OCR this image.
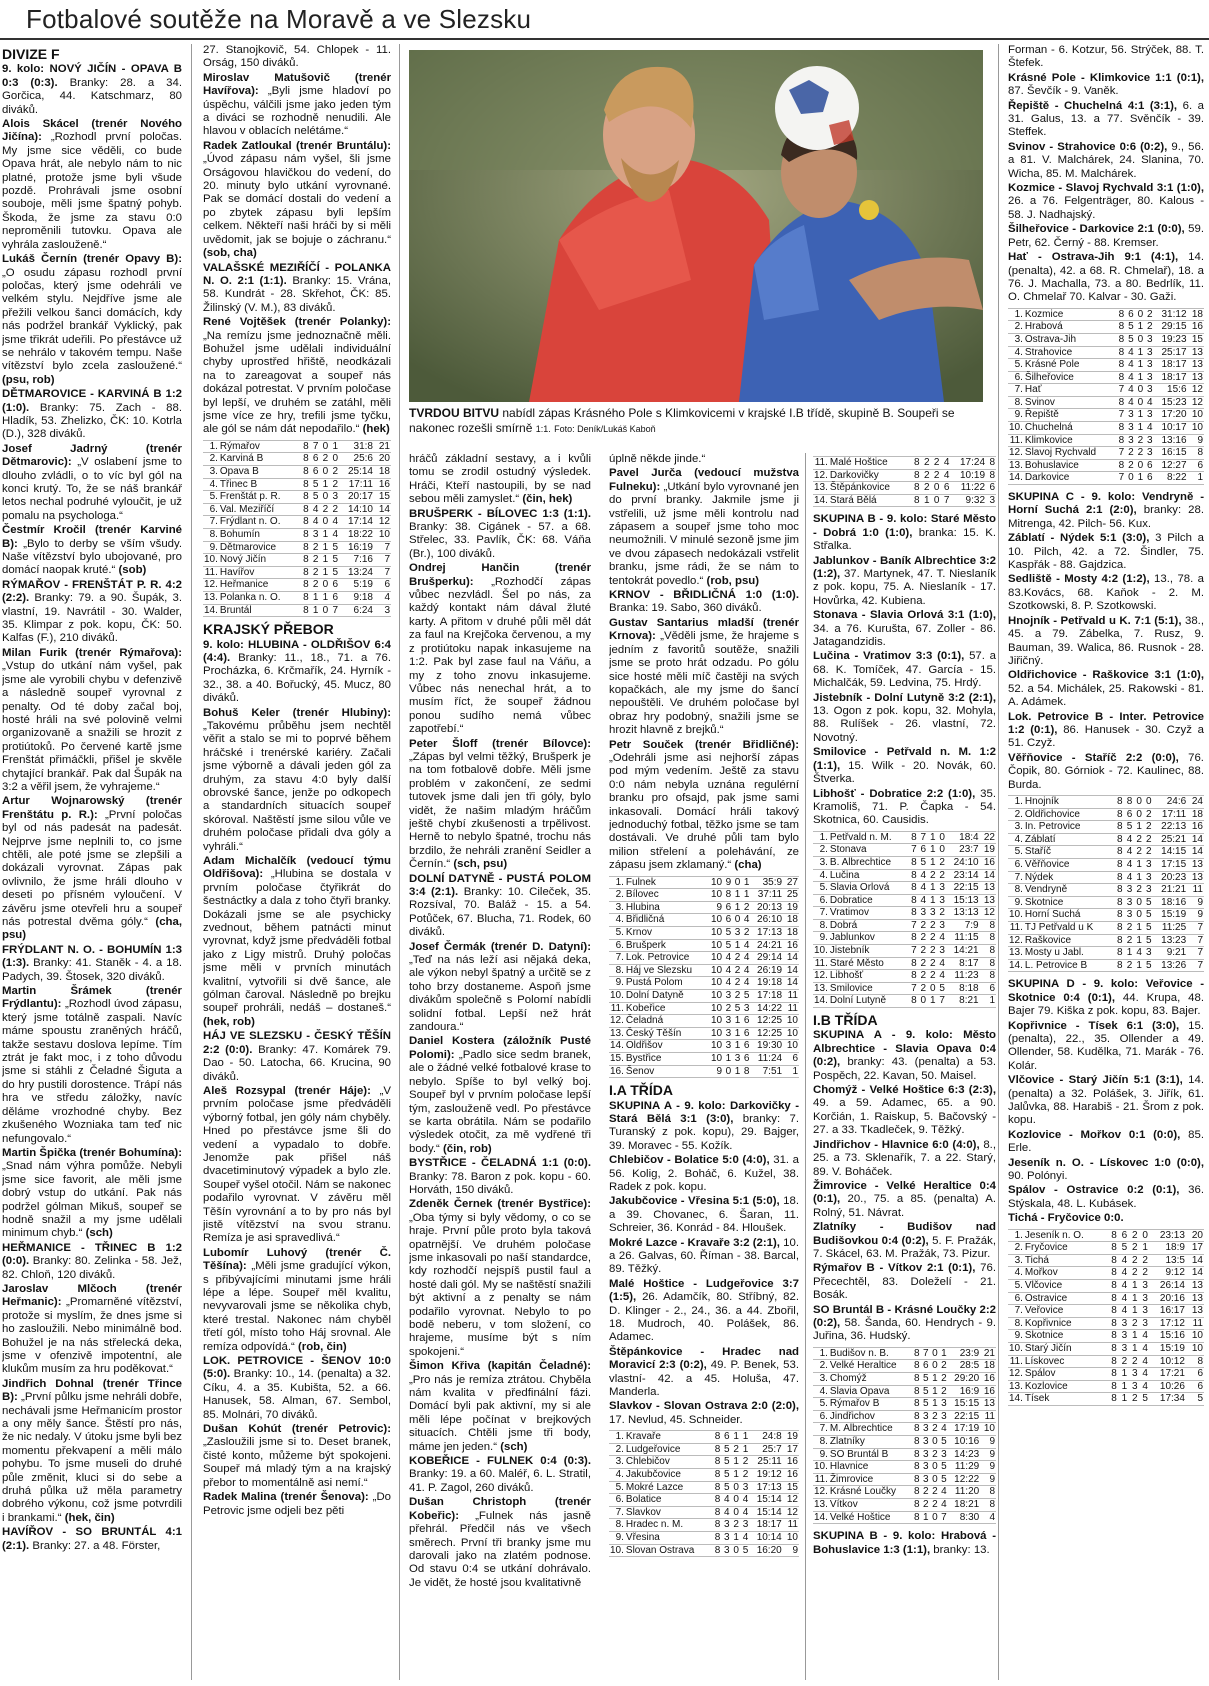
Fotbalové soutěže na Moravě a ve Slezsku
DIVIZE F

9. kolo: NOVÝ JIČÍN - OPAVA B 0:3 (0:3). Branky: 28. a 34. Gorčica, 44. Katschmarz, 80 diváků.

Alois Skácel (trenér Nového Jičína): „Rozhodl první poločas. My jsme sice věděli, co bude Opava hrát, ale nebylo nám to nic platné, protože jsme byli všude pozdě. Prohrávali jsme osobní souboje, měli jsme špatný pohyb. Škoda, že jsme za stavu 0:0 neproměnili tutovku. Opava ale vyhrála zaslouženě.“

Lukáš Černín (trenér Opavy B): „O osudu zápasu rozhodl první poločas, který jsme odehráli ve velkém stylu. Nejdříve jsme ale přežili velkou šanci domácích, kdy nás podržel brankář Vyklický, pak jsme třikrát udeřili. Po přestávce už se nehrálo v takovém tempu. Naše vítězství bylo zcela zasloužené.“ (psu, rob)

DĚTMAROVICE - KARVINÁ B 1:2 (1:0). Branky: 75. Zach - 88. Hladík, 53. Zhelizko, ČK: 10. Kotrla (D.), 328 diváků.

Josef Jadrný (trenér Dětmarovic): „V oslabení jsme to dlouho zvládli, o to víc byl gól na konci krutý. To, že se náš brankář letos nechal podruhé vyloučit, je už pomalu na psychologa.“

Čestmír Kročil (trenér Karviné B): „Bylo to derby se vším všudy. Naše vítězství bylo ubojované, pro domácí naopak kruté.“ (sob)

RÝMAŘOV - FRENŠTÁT P. R. 4:2 (2:2). Branky: 79. a 90. Šupák, 3. vlastní, 19. Navrátil - 30. Walder, 35. Klimpar z pok. kopu, ČK: 50. Kalfas (F.), 210 diváků.

Milan Furik (trenér Rýmařova): „Vstup do utkání nám vyšel, pak jsme ale vyrobili chybu v defenzivě a následně soupeř vyrovnal z penalty. Od té doby začal boj, hosté hráli na své polovině velmi organizovaně a snažili se hrozit z protiútoků. Po červené kartě jsme Frenštát přimáčkli, přišel je skvěle chytající brankář. Pak dal Šupák na 3:2 a věřil jsem, že vyhrajeme.“

Artur Wojnarowský (trenér Frenštátu p. R.): „První poločas byl od nás padesát na padesát. Nejprve jsme neplnili to, co jsme chtěli, ale poté jsme se zlepšili a dokázali vyrovnat. Zápas pak ovlivnilo, že jsme hráli dlouho v deseti po přísném vyloučení. V závěru jsme otevřeli hru a soupeř nás potrestal dvěma góly.“ (cha, psu)

FRÝDLANT N. O. - BOHUMÍN 1:3 (1:3). Branky: 41. Staněk - 4. a 18. Padych, 39. Štosek, 320 diváků.

Martin Šrámek (trenér Frýdlantu): „Rozhodl úvod zápasu, který jsme totálně zaspali. Navíc máme spoustu zraněných hráčů, takže sestavu doslova lepíme. Tím ztrát je fakt moc, i z toho důvodu jsme si stáhli z Čeladné Šiguta a do hry pustili dorostence. Trápí nás hra ve středu záložky, navíc děláme vrozhodné chyby. Bez zkušeného Wozniaka tam teď nic nefungovalo.“

Martin Špička (trenér Bohumína): „Snad nám výhra pomůže. Nebyli jsme sice favorit, ale měli jsme dobrý vstup do utkání. Pak nás podržel gólman Mikuš, soupeř se hodně snažil a my jsme udělali minimum chyb.“ (sch)

HEŘMANICE - TŘINEC B 1:2 (0:0). Branky: 80. Zelinka - 58. Jež, 82. Chloň, 120 diváků.

Jaroslav Mlčoch (trenér Heřmanic): „Promarněné vítězství, protože si myslím, že dnes jsme si ho zasloužili. Nebo minimálně bod. Bohužel je na nás střelecká deka, jsme v ofenzivě impotentní, ale klukům musím za hru poděkovat.“

Jindřich Dohnal (trenér Třince B): „První půlku jsme nehráli dobře, nechávali jsme Heřmanicím prostor a ony měly šance. Štěstí pro nás, že nic nedaly. V útoku jsme byli bez momentu překvapení a měli málo pohybu. To jsme museli do druhé půle změnit, kluci si do sebe a druhá půlka už měla parametry dobrého výkonu, což jsme potvrdili i brankami.“ (hek, čin)

HAVÍŘOV - SO BRUNTÁL 4:1 (2:1). Branky: 27. a 48. Förster,

27. Stanojkovič, 54. Chlopek - 11. Orság, 150 diváků.

Miroslav Matušovič (trenér Havířova): „Byli jsme hladoví po úspěchu, válčili jsme jako jeden tým a diváci se rozhodně nenudili. Ale hlavou v oblacích nelétáme.“

Radek Zatloukal (trenér Bruntálu): „Úvod zápasu nám vyšel, šli jsme Orságovou hlavičkou do vedení, do 20. minuty bylo utkání vyrovnané. Pak se domácí dostali do vedení a po zbytek zápasu byli lepším celkem. Někteří naši hráči by si měli uvědomit, jak se bojuje o záchranu.“ (sob, cha)

VALAŠSKÉ MEZIŘÍČÍ - POLANKA N. O. 2:1 (1:1). Branky: 15. Vrána, 58. Kundrát - 28. Skřehot, ČK: 85. Žilinský (V. M.), 83 diváků.

René Vojtěšek (trenér Polanky): „Na remízu jsme jednoznačně měli. Bohužel jsme udělali individuální chyby uprostřed hřiště, neodkázali na to zareagovat a soupeř nás dokázal potrestat. V prvním poločase byl lepší, ve druhém se zatáhl, měli jsme více ze hry, trefili jsme tyčku, ale gól se nám dát nepodařilo.“ (hek)

1.	Rýmařov	8	7	0	1	31:8	21
2.	Karviná B	8	6	2	0	25:6	20
3.	Opava B	8	6	0	2	25:14	18
4.	Třinec B	8	5	1	2	17:11	16
5.	Frenštát p. R.	8	5	0	3	20:17	15
6.	Val. Meziříčí	8	4	2	2	14:10	14
7.	Frýdlant n. O.	8	4	0	4	17:14	12
8.	Bohumín	8	3	1	4	18:22	10
9.	Dětmarovice	8	2	1	5	16:19	7
10.	Nový Jičín	8	2	1	5	7:16	7
11.	Havířov	8	2	1	5	13:24	7
12.	Heřmanice	8	2	0	6	5:19	6
13.	Polanka n. O.	8	1	1	6	9:18	4
14.	Bruntál	8	1	0	7	6:24	3
KRAJSKÝ PŘEBOR

9. kolo: HLUBINA - OLDŘIŠOV 6:4 (4:4). Branky: 11., 18., 71. a 76. Procházka, 6. Krčmařík, 24. Hyrník - 32., 38. a 40. Bořucký, 45. Mucz, 80 diváků.

Bohuš Keler (trenér Hlubiny): „Takovému průběhu jsem nechtěl věřit a stalo se mi to poprvé během hráčské i trenérské kariéry. Začali jsme výborně a dávali jeden gól za druhým, za stavu 4:0 byly další obrovské šance, jenže po odkopech a standardních situacích soupeř skóroval. Naštěstí jsme silou vůle ve druhém poločase přidali dva góly a vyhráli.“

Adam Michalčík (vedoucí týmu Oldřišova): „Hlubina se dostala v prvním poločase čtyřikrát do šestnáctky a dala z toho čtyři branky. Dokázali jsme se ale psychicky zvednout, během patnácti minut vyrovnat, když jsme předváděli fotbal jako z Ligy mistrů. Druhý poločas jsme měli v prvních minutách kvalitní, vytvořili si dvě šance, ale gólman čaroval. Následně po brejku soupeř prohráli, nedáš – dostaneš.“ (hek, rob)

HÁJ VE SLEZSKU - ČESKÝ TĚŠÍN 2:2 (0:0). Branky: 47. Komárek 79. Dao - 50. Latocha, 66. Krucina, 90 diváků.

Aleš Rozsypal (trenér Háje): „V prvním poločase jsme předváděli výborný fotbal, jen góly nám chyběly. Hned po přestávce jsme šli do vedení a vypadalo to dobře. Jenomže pak přišel náš dvacetiminutový výpadek a bylo zle. Soupeř vyšel otočil. Nám se nakonec podařilo vyrovnat. V závěru měl Těšín vyrovnání a to by pro nás byl jistě vítězství na svou stranu. Remíza je asi spravedlivá.“

Lubomír Luhový (trenér Č. Těšína): „Měli jsme gradující výkon, s přibývajícími minutami jsme hráli lépe a lépe. Soupeř měl kvalitu, nevyvarovali jsme se několika chyb, které trestal. Nakonec nám chyběl třetí gól, místo toho Háj srovnal. Ale remíza odpovídá.“ (rob, čin)

LOK. PETROVICE - ŠENOV 10:0 (5:0). Branky: 10., 14. (penalta) a 32. Cíku, 4. a 35. Kubišta, 52. a 66. Hanusek, 58. Alman, 67. Sembol, 85. Molnári, 70 diváků.

Dušan Kohút (trenér Petrovic): „Zasloužili jsme si to. Deset branek, čisté konto, můžeme být spokojeni. Soupeř má mladý tým a na krajský přebor to momentálně asi nemí.“

Radek Malina (trenér Šenova): „Do Petrovic jsme odjeli bez pěti

TVRDOU BITVU nabídl zápas Krásného Pole s Klimkovicemi v krajské I.B třídě, skupině B. Soupeři se nakonec rozešli smírně 1:1. Foto: Deník/Lukáš Kaboň

hráčů základní sestavy, a i kvůli tomu se zrodil ostudný výsledek. Hráči, Kteří nastoupili, by se nad sebou měli zamyslet.“ (čin, hek)

BRUŠPERK - BÍLOVEC 1:3 (1:1). Branky: 38. Cigánek - 57. a 68. Střelec, 33. Pavlík, ČK: 68. Váňa (Br.), 100 diváků.

Ondrej Hančin (trenér Brušperku): „Rozhodčí zápas vůbec nezvládl. Šel po nás, za každý kontakt nám dával žluté karty. A přitom v druhé půli měl dát za faul na Krejčoka červenou, a my z protiútoku napak inkasujeme na 1:2. Pak byl zase faul na Váňu, a my z toho znovu inkasujeme. Vůbec nás nenechal hrát, a to musím říct, že soupeř žádnou ponou sudího nemá vůbec zapotřebí.“

Peter Šloff (trenér Bílovce): „Zápas byl velmi těžký, Brušperk je na tom fotbalově dobře. Měli jsme problém v zakončení, ze sedmi tutovek jsme dali jen tři góly, bylo vidět, že našim mladým hráčům ještě chybí zkušenosti a trpělivost. Herně to nebylo špatné, trochu nás brzdilo, že nehráli zranění Seidler a Černín.“ (sch, psu)

DOLNÍ DATYNĚ - PUSTÁ POLOM 3:4 (2:1). Branky: 10. Cileček, 35. Rozsíval, 70. Baláž - 15. a 54. Potůček, 67. Blucha, 71. Rodek, 60 diváků.

Josef Čermák (trenér D. Datyní): „Teď na nás leží asi nějaká deka, ale výkon nebyl špatný a určitě se z toho brzy dostaneme. Aspoň jsme divákům společně s Polomí nabídli solidní fotbal. Lepší než hrát zandoura.“

Daniel Kostera (záložník Pusté Polomi): „Padlo sice sedm branek, ale o žádné velké fotbalové krase to nebylo. Spíše to byl velký boj. Soupeř byl v prvním poločase lepší tým, zaslouženě vedl. Po přestávce se karta obrátila. Nám se podařilo výsledek otočit, za mě vydřené tři body.“ (čin, rob)

BYSTŘICE - ČELADNÁ 1:1 (0:0). Branky: 78. Baron z pok. kopu - 60. Horváth, 150 diváků.

Zdeněk Černek (trenér Bystřice): „Oba týmy si byly vědomy, o co se hraje. První půle proto byla taková opatrnější. Ve druhém poločase jsme inkasovali po naší standardce, kdy rozhodčí nejspíš pustil faul a hosté dali gól. My se naštěstí snažili být aktivní a z penalty se nám podařilo vyrovnat. Nebylo to po bodě neberu, v tom složení, co hrajeme, musíme být s ním spokojeni.“

Šimon Křiva (kapitán Čeladné): „Pro nás je remíza ztrátou. Chyběla nám kvalita v předfinální fázi. Domácí byli pak aktivní, my si ale měli lépe počínat v brejkových situacích. Chtěli jsme tři body, máme jen jeden.“ (sch)

KOBEŘICE - FULNEK 0:4 (0:3). Branky: 19. a 60. Maléř, 6. L. Stratil, 41. P. Zagol, 260 diváků.

Dušan Christoph (trenér Kobeřic): „Fulnek nás jasně přehrál. Předčil nás ve všech směrech. První tři branky jsme mu darovali jako na zlatém podnose. Od stavu 0:4 se utkání dohrávalo. Je vidět, že hosté jsou kvalitativně

úplně někde jinde.“

Pavel Jurča (vedoucí mužstva Fulneku): „Utkání bylo vyrovnané jen do první branky. Jakmile jsme ji vstřelili, už jsme měli kontrolu nad zápasem a soupeř jsme toho moc neumožnili. V minulé sezoně jsme jim ve dvou zápasech nedokázali vstřelit branku, jsme rádi, že se nám to tentokrát povedlo.“ (rob, psu)

KRNOV - BŘIDLIČNÁ 1:0 (1:0). Branka: 19. Sabo, 360 diváků.

Gustav Santarius mladší (trenér Krnova): „Věděli jsme, že hrajeme s jedním z favoritů soutěže, snažili jsme se proto hrát odzadu. Po gólu sice hosté měli míč častěji na svých kopačkách, ale my jsme do šancí nepouštěli. Ve druhém poločase byl obraz hry podobný, snažili jsme se hrozit hlavně z brejků.“

Petr Souček (trenér Břidličné): „Odehráli jsme asi nejhorší zápas pod mým vedením. Ještě za stavu 0:0 nám nebyla uznána regulérní branku pro ofsajd, pak jsme sami inkasovali. Domácí hráli takový jednoduchý fotbal, těžko jsme se tam dostávali. Ve druhé půli tam bylo milion střelení a polehávání, ze zápasu jsem zklamaný.“ (cha)

1.	Fulnek	10	9	0	1	35:9	27
2.	Bílovec	10	8	1	1	37:11	25
3.	Hlubina	9	6	1	2	20:13	19
4.	Břidličná	10	6	0	4	26:10	18
5.	Krnov	10	5	3	2	17:13	18
6.	Brušperk	10	5	1	4	24:21	16
7.	Lok. Petrovice	10	4	2	4	29:14	14
8.	Háj ve Slezsku	10	4	2	4	26:19	14
9.	Pustá Polom	10	4	2	4	19:18	14
10.	Dolní Datyně	10	3	2	5	17:18	11
11.	Kobeřice	10	2	5	3	14:22	11
12.	Čeladná	10	3	1	6	12:25	10
13.	Český Těšín	10	3	1	6	12:25	10
14.	Oldřišov	10	3	1	6	19:30	10
15.	Bystřice	10	1	3	6	11:24	6
16.	Šenov	9	0	1	8	7:51	1
I.A TŘÍDA

SKUPINA A - 9. kolo: Darkovičky - Stará Bělá 3:1 (3:0), branky: 7. Turanský z pok. kopu), 29. Bajger, 39. Moravec - 55. Kožík.

Chlebičov - Bolatice 5:0 (4:0), 31. a 56. Kolig, 2. Boháč, 6. Kužel, 38. Radek z pok. kopu.

Jakubčovice - Vřesina 5:1 (5:0), 18. a 39. Chovanec, 6. Šaran, 11. Schreier, 36. Konrád - 84. Hloušek.

Mokré Lazce - Kravaře 3:2 (2:1), 10. a 26. Galvas, 60. Říman - 38. Barcal, 89. Těžký.

Malé Hoštice - Ludgeřovice 3:7 (1:5), 26. Adamčík, 80. Stříbný, 82. D. Klinger - 2., 24., 36. a 44. Zbořil, 18. Mudroch, 40. Polášek, 86. Adamec.

Štěpánkovice - Hradec nad Moravicí 2:3 (0:2), 49. P. Benek, 53. vlastní- 42. a 45. Holuša, 47. Manderla.

Slavkov - Slovan Ostrava 2:0 (2:0), 17. Nevlud, 45. Schneider.

1.	Kravaře	8	6	1	1	24:8	19
2.	Ludgeřovice	8	5	2	1	25:7	17
3.	Chlebičov	8	5	1	2	25:11	16
4.	Jakubčovice	8	5	1	2	19:12	16
5.	Mokré Lazce	8	5	0	3	17:13	15
6.	Bolatice	8	4	0	4	15:14	12
7.	Slavkov	8	4	0	4	15:14	12
8.	Hradec n. M.	8	3	2	3	18:17	11
9.	Vřesina	8	3	1	4	10:14	10
10.	Slovan Ostrava	8	3	0	5	16:20	9
11.	Malé Hoštice	8	2	2	4	17:24	8
12.	Darkovičky	8	2	2	4	10:19	8
13.	Štěpánkovice	8	2	0	6	11:22	6
14.	Stará Bělá	8	1	0	7	9:32	3

SKUPINA B - 9. kolo: Staré Město - Dobrá 1:0 (1:0), branka: 15. K. Střalka.

Jablunkov - Baník Albrechtice 3:2 (1:2), 37. Martynek, 47. T. Nieslaník z pok. kopu, 75. A. Nieslaník - 17. Hovůrka, 42. Kubiena.

Stonava - Slavia Orlová 3:1 (1:0), 34. a 76. Kurušta, 67. Zoller - 86. Jatagandzidis.

Lučina - Vratimov 3:3 (0:1), 57. a 68. K. Tomíček, 47. García - 15. Michalčák, 59. Ledvina, 75. Hrdý.

Jistebník - Dolní Lutyně 3:2 (2:1), 13. Ogon z pok. kopu, 32. Mohyla, 88. Rulíšek - 26. vlastní, 72. Novotný.

Smilovice - Petřvald n. M. 1:2 (1:1), 15. Wilk - 20. Novák, 60. Štverka.

Libhošť - Dobratice 2:2 (1:0), 35. Kramoliš, 71. P. Čapka - 54. Skotnica, 60. Causidis.

1.	Petřvald n. M.	8	7	1	0	18:4	22
2.	Stonava	7	6	1	0	23:7	19
3.	B. Albrechtice	8	5	1	2	24:10	16
4.	Lučina	8	4	2	2	23:14	14
5.	Slavia Orlová	8	4	1	3	22:15	13
6.	Dobratice	8	4	1	3	15:13	13
7.	Vratimov	8	3	3	2	13:13	12
8.	Dobrá	7	2	2	3	7:9	8
9.	Jablunkov	8	2	2	4	11:15	8
10.	Jistebník	7	2	2	3	14:21	8
11.	Staré Město	8	2	2	4	8:17	8
12.	Libhošť	8	2	2	4	11:23	8
13.	Smilovice	7	2	0	5	8:18	6
14.	Dolní Lutyně	8	0	1	7	8:21	1
I.B TŘÍDA

SKUPINA A - 9. kolo: Město Albrechtice - Slavia Opava 0:4 (0:2), branky: 43. (penalta) a 53. Pospěch, 22. Kavan, 50. Maisel.

Chomýž - Velké Hoštice 6:3 (2:3), 49. a 59. Adamec, 65. a 90. Korčián, 1. Raiskup, 5. Bačovský - 27. a 33. Tkadleček, 9. Těžký.

Jindřichov - Hlavnice 6:0 (4:0), 8., 25. a 73. Sklenařík, 7. a 22. Starý, 89. V. Boháček.

Žimrovice - Velké Heraltice 0:4 (0:1), 20., 75. a 85. (penalta) A. Rolný, 51. Návrat.

Zlatníky - Budišov nad Budišovkou 0:4 (0:2), 5. F. Pražák, 7. Skácel, 63. M. Pražák, 73. Pizur.

Rýmařov B - Vítkov 2:1 (0:1), 76. Přecechtěl, 83. Doleželí - 21. Bosák.

SO Bruntál B - Krásné Loučky 2:2 (0:2), 58. Šanda, 60. Hendrych - 9. Juřina, 36. Hudský.

1.	Budišov n. B.	8	7	0	1	23:9	21
2.	Velké Heraltice	8	6	0	2	28:5	18
3.	Chomýž	8	5	1	2	29:20	16
4.	Slavia Opava	8	5	1	2	16:9	16
5.	Rýmařov B	8	5	1	3	15:15	13
6.	Jindřichov	8	3	2	3	22:15	11
7.	M. Albrechtice	8	3	2	4	17:19	10
8.	Zlatníky	8	3	0	5	10:16	9
9.	SO Bruntál B	8	3	2	3	14:23	9
10.	Hlavnice	8	3	0	5	11:29	9
11.	Žimrovice	8	3	0	5	12:22	9
12.	Krásné Loučky	8	2	2	4	11:20	8
13.	Vítkov	8	2	2	4	18:21	8
14.	Velké Hoštice	8	1	0	7	8:30	4

SKUPINA B - 9. kolo: Hrabová - Bohuslavice 1:3 (1:1), branky: 13.

Forman - 6. Kotzur, 56. Strýček, 88. T. Štefek.

Krásné Pole - Klimkovice 1:1 (0:1), 87. Ševčík - 9. Vaněk.

Řepiště - Chuchelná 4:1 (3:1), 6. a 31. Galus, 13. a 77. Svěnčík - 39. Steffek.

Svinov - Strahovice 0:6 (0:2), 9., 56. a 81. V. Malchárek, 24. Slanina, 70. Wicha, 85. M. Malchárek.

Kozmice - Slavoj Rychvald 3:1 (1:0), 26. a 76. Felgenträger, 80. Kalous - 58. J. Nadhajský.

Šilheřovice - Darkovice 2:1 (0:0), 59. Petr, 62. Černý - 88. Kremser.

Hať - Ostrava-Jih 9:1 (4:1), 14. (penalta), 42. a 68. R. Chmelař), 18. a 76. J. Machalla, 73. a 80. Bedrlík, 11. O. Chmelař 70. Kalvar - 30. Gaži.

1.	Kozmice	8	6	0	2	31:12	18
2.	Hrabová	8	5	1	2	29:15	16
3.	Ostrava-Jih	8	5	0	3	19:23	15
4.	Strahovice	8	4	1	3	25:17	13
5.	Krásné Pole	8	4	1	3	18:17	13
6.	Šilheřovice	8	4	1	3	18:17	13
7.	Hať	7	4	0	3	15:6	12
8.	Svinov	8	4	0	4	15:23	12
9.	Řepiště	7	3	1	3	17:20	10
10.	Chuchelná	8	3	1	4	10:17	10
11.	Klimkovice	8	3	2	3	13:16	9
12.	Slavoj Rychvald	7	2	2	3	16:15	8
13.	Bohuslavice	8	2	0	6	12:27	6
14.	Darkovice	7	0	1	6	8:22	1

SKUPINA C - 9. kolo: Vendryně - Horní Suchá 2:1 (2:0), branky: 28. Mitrenga, 42. Pilch- 56. Kux.

Záblatí - Nýdek 5:1 (3:0), 3 Pilch a 10. Pilch, 42. a 72. Šindler, 75. Kaspřák - 88. Gajdzica.

Sedliště - Mosty 4:2 (1:2), 13., 78. a 83.Kovács, 68. Kaňok - 2. M. Szotkowski, 8. P. Szotkowski.

Hnojník - Petřvald u K. 7:1 (5:1), 38., 45. a 79. Zábelka, 7. Rusz, 9. Bauman, 39. Walica, 86. Rusnok - 28. Jiřičný.

Oldřichovice - Raškovice 3:1 (1:0), 52. a 54. Michálek, 25. Rakowski - 81. A. Adámek.

Lok. Petrovice B - Inter. Petrovice 1:2 (0:1), 86. Hanusek - 30. Czyž a 51. Czyž.

Věřňovice - Staříč 2:2 (0:0), 76. Čopik, 80. Górniok - 72. Kaulinec, 88. Burda.

1.	Hnojník	8	8	0	0	24:6	24
2.	Oldřichovice	8	6	0	2	17:11	18
3.	In. Petrovice	8	5	1	2	22:13	16
4.	Záblatí	8	4	2	2	25:21	14
5.	Staříč	8	4	2	2	14:15	14
6.	Věřňovice	8	4	1	3	17:15	13
7.	Nýdek	8	4	1	3	20:23	13
8.	Vendryně	8	3	2	3	21:21	11
9.	Skotnice	8	3	0	5	18:16	9
10.	Horní Suchá	8	3	0	5	15:19	9
11.	TJ Petřvald u K	8	2	1	5	11:25	7
12.	Raškovice	8	2	1	5	13:23	7
13.	Mosty u Jabl.	8	1	4	3	9:21	7
14.	L. Petrovice B	8	2	1	5	13:26	7

SKUPINA D - 9. kolo: Veřovice - Skotnice 0:4 (0:1), 44. Krupa, 48. Bajer 79. Kiška z pok. kopu, 83. Bajer.

Kopřivnice - Tísek 6:1 (3:0), 15. (penalta), 22., 35. Ollender a 49. Ollender, 58. Kudělka, 71. Marák - 76. Kolár.

Vlčovice - Starý Jičín 5:1 (3:1), 14. (penalta) a 32. Polášek, 3. Jiřík, 61. Jalůvka, 88. Harabiš - 21. Šrom z pok. kopu.

Kozlovice - Mořkov 0:1 (0:0), 85. Erle.

Jeseník n. O. - Lískovec 1:0 (0:0), 90. Polónyi.

Spálov - Ostravice 0:2 (0:1), 36. Stýskala, 48. L. Kubásek.

Tichá - Fryčovice 0:0.

1.	Jeseník n. O.	8	6	2	0	23:13	20
2.	Fryčovice	8	5	2	1	18:9	17
3.	Tichá	8	4	2	2	13:5	14
4.	Mořkov	8	4	2	2	9:12	14
5.	Vlčovice	8	4	1	3	26:14	13
6.	Ostravice	8	4	1	3	20:16	13
7.	Veřovice	8	4	1	3	16:17	13
8.	Kopřivnice	8	3	2	3	17:12	11
9.	Skotnice	8	3	1	4	15:16	10
10.	Starý Jičín	8	3	1	4	15:19	10
11.	Lískovec	8	2	2	4	10:12	8
12.	Spálov	8	1	3	4	17:21	6
13.	Kozlovice	8	1	3	4	10:26	6
14.	Tísek	8	1	2	5	17:34	5
